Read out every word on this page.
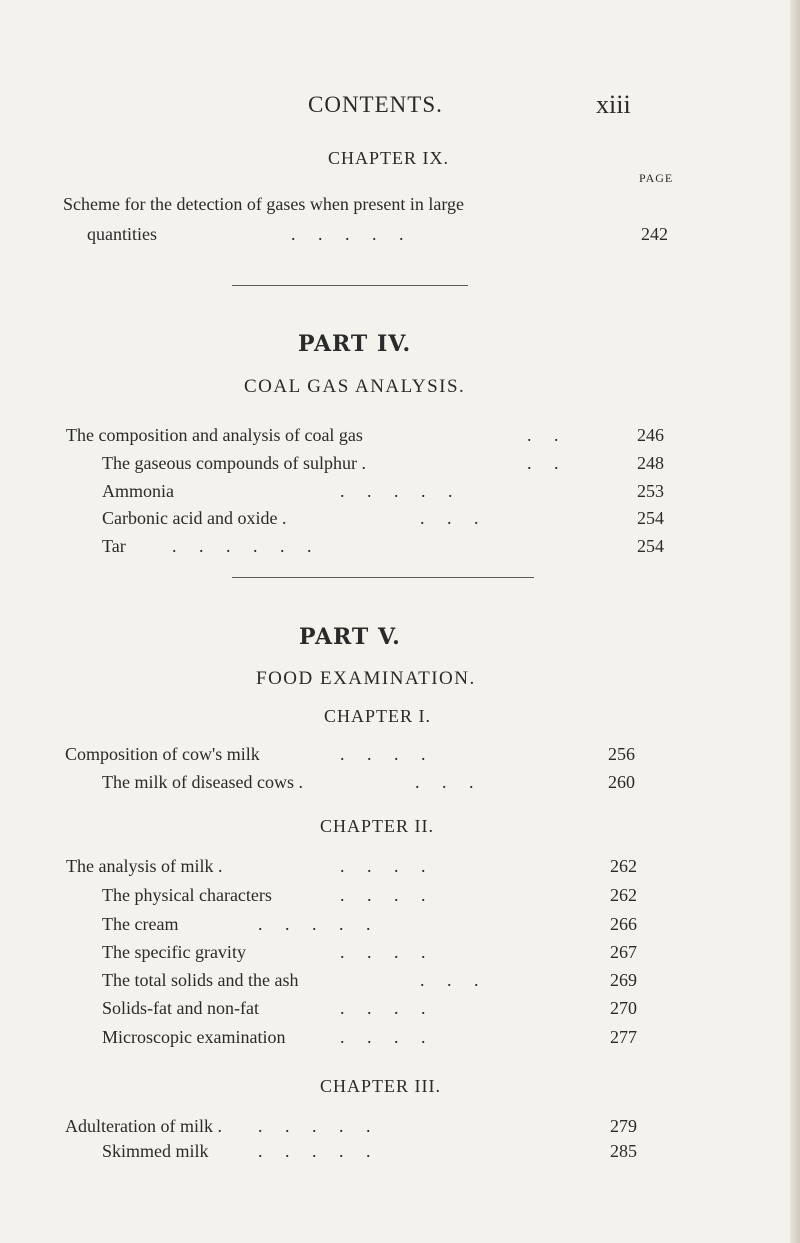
CONTENTS.	xiii
CHAPTER IX.
PAGE
Scheme for the detection of gases when present in large
quantities	.     .     .     .     .	242
PART IV.
COAL GAS ANALYSIS.
The composition and analysis of coal gas	.     .	246
The gaseous compounds of sulphur .	.     .	248
Ammonia	.     .     .     .     .	253
Carbonic acid and oxide .	.     .     .	254
Tar	.     .     .     .     .     .	254
PART V.
FOOD EXAMINATION.
CHAPTER I.
Composition of cow's milk	.     .     .     .	256
The milk of diseased cows .	.     .     .	260
CHAPTER II.
The analysis of milk .	.     .     .     .	262
The physical characters	.     .     .     .	262
The cream	.     .     .     .     .	266
The specific gravity	.     .     .     .	267
The total solids and the ash	.     .     .	269
Solids-fat and non-fat	.     .     .     .	270
Microscopic examination	.     .     .     .	277
CHAPTER III.
Adulteration of milk . .     .     .     .     .	279
Skimmed milk	.     .     .     .     .	285
